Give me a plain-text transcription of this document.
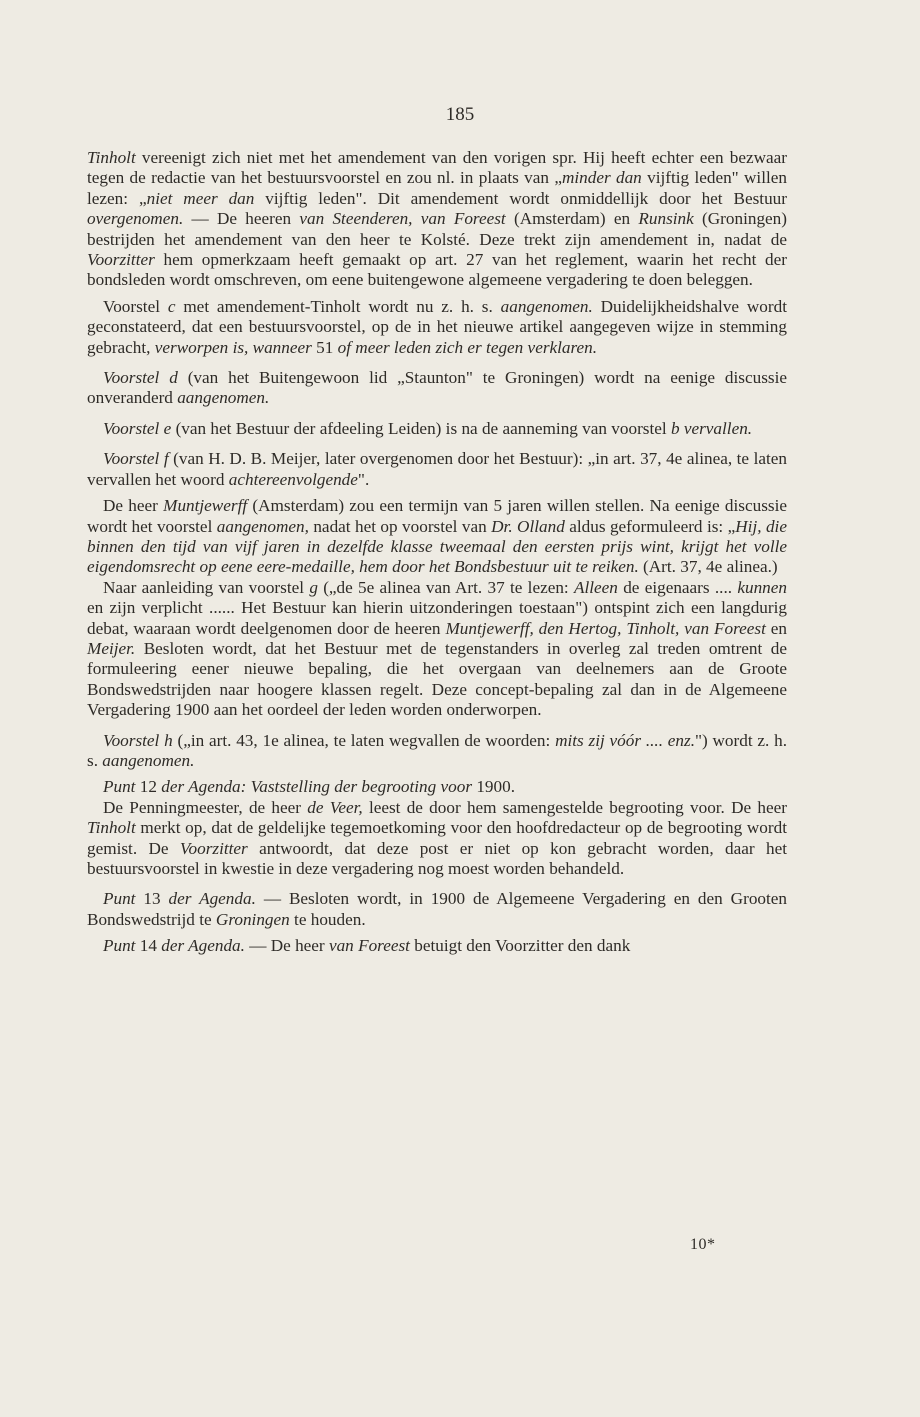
185

Tinholt vereenigt zich niet met het amendement van den vorigen spr. Hij heeft echter een bezwaar tegen de redactie van het bestuursvoorstel en zou nl. in plaats van „minder dan vijftig leden" willen lezen: „niet meer dan vijftig leden". Dit amendement wordt onmiddellijk door het Bestuur overgenomen. — De heeren van Steenderen, van Foreest (Amsterdam) en Runsink (Groningen) bestrijden het amendement van den heer te Kolsté. Deze trekt zijn amendement in, nadat de Voorzitter hem opmerkzaam heeft gemaakt op art. 27 van het reglement, waarin het recht der bondsleden wordt omschreven, om eene buitengewone algemeene vergadering te doen beleggen.

Voorstel c met amendement-Tinholt wordt nu z. h. s. aangenomen. Duidelijkheidshalve wordt geconstateerd, dat een bestuursvoorstel, op de in het nieuwe artikel aangegeven wijze in stemming gebracht, verworpen is, wanneer 51 of meer leden zich er tegen verklaren.

Voorstel d (van het Buitengewoon lid „Staunton" te Groningen) wordt na eenige discussie onveranderd aangenomen.

Voorstel e (van het Bestuur der afdeeling Leiden) is na de aanneming van voorstel b vervallen.

Voorstel f (van H. D. B. Meijer, later overgenomen door het Bestuur): „in art. 37, 4e alinea, te laten vervallen het woord achtereenvolgende".

De heer Muntjewerff (Amsterdam) zou een termijn van 5 jaren willen stellen. Na eenige discussie wordt het voorstel aangenomen, nadat het op voorstel van Dr. Olland aldus geformuleerd is: „Hij, die binnen den tijd van vijf jaren in dezelfde klasse tweemaal den eersten prijs wint, krijgt het volle eigendomsrecht op eene eere-medaille, hem door het Bondsbestuur uit te reiken. (Art. 37, 4e alinea.)

Naar aanleiding van voorstel g („de 5e alinea van Art. 37 te lezen: Alleen de eigenaars .... kunnen en zijn verplicht ...... Het Bestuur kan hierin uitzonderingen toestaan") ontspint zich een langdurig debat, waaraan wordt deelgenomen door de heeren Muntjewerff, den Hertog, Tinholt, van Foreest en Meijer. Besloten wordt, dat het Bestuur met de tegenstanders in overleg zal treden omtrent de formuleering eener nieuwe bepaling, die het overgaan van deelnemers aan de Groote Bondswedstrijden naar hoogere klassen regelt. Deze concept-bepaling zal dan in de Algemeene Vergadering 1900 aan het oordeel der leden worden onderworpen.

Voorstel h („in art. 43, 1e alinea, te laten wegvallen de woorden: mits zij vóór .... enz.") wordt z. h. s. aangenomen.

Punt 12 der Agenda: Vaststelling der begrooting voor 1900.

De Penningmeester, de heer de Veer, leest de door hem samengestelde begrooting voor. De heer Tinholt merkt op, dat de geldelijke tegemoetkoming voor den hoofdredacteur op de begrooting wordt gemist. De Voorzitter antwoordt, dat deze post er niet op kon gebracht worden, daar het bestuursvoorstel in kwestie in deze vergadering nog moest worden behandeld.

Punt 13 der Agenda. — Besloten wordt, in 1900 de Algemeene Vergadering en den Grooten Bondswedstrijd te Groningen te houden.

Punt 14 der Agenda. — De heer van Foreest betuigt den Voorzitter den dank

10*
